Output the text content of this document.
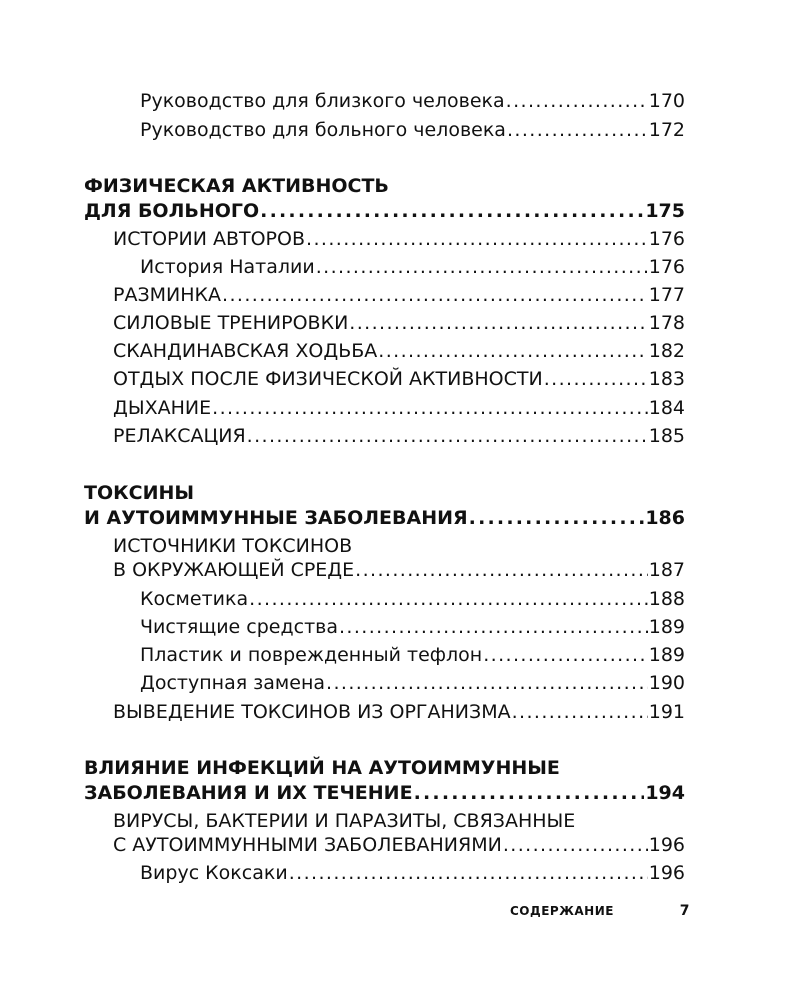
Руководство для близкого человека .....	170
Руководство для больного человека .....	172
ФИЗИЧЕСКАЯ АКТИВНОСТЬ
ДЛЯ БОЛЬНОГО .....	175
ИСТОРИИ АВТОРОВ .....	176
История Наталии .....	176
РАЗМИНКА .....	177
СИЛОВЫЕ ТРЕНИРОВКИ .....	178
СКАНДИНАВСКАЯ ХОДЬБА .....	182
ОТДЫХ ПОСЛЕ ФИЗИЧЕСКОЙ АКТИВНОСТИ .....	183
ДЫХАНИЕ .....	184
РЕЛАКСАЦИЯ .....	185
ТОКСИНЫ
И АУТОИММУННЫЕ ЗАБОЛЕВАНИЯ .....	186
ИСТОЧНИКИ ТОКСИНОВ
В ОКРУЖАЮЩЕЙ СРЕДЕ .....	187
Косметика .....	188
Чистящие средства .....	189
Пластик и поврежденный тефлон .....	189
Доступная замена .....	190
ВЫВЕДЕНИЕ ТОКСИНОВ ИЗ ОРГАНИЗМА .....	191
ВЛИЯНИЕ ИНФЕКЦИЙ НА АУТОИММУННЫЕ
ЗАБОЛЕВАНИЯ И ИХ ТЕЧЕНИЕ .....	194
ВИРУСЫ, БАКТЕРИИ И ПАРАЗИТЫ, СВЯЗАННЫЕ
С АУТОИММУННЫМИ ЗАБОЛЕВАНИЯМИ .....	196
Вирус Коксаки .....	196
СОДЕРЖАНИЕ	7
